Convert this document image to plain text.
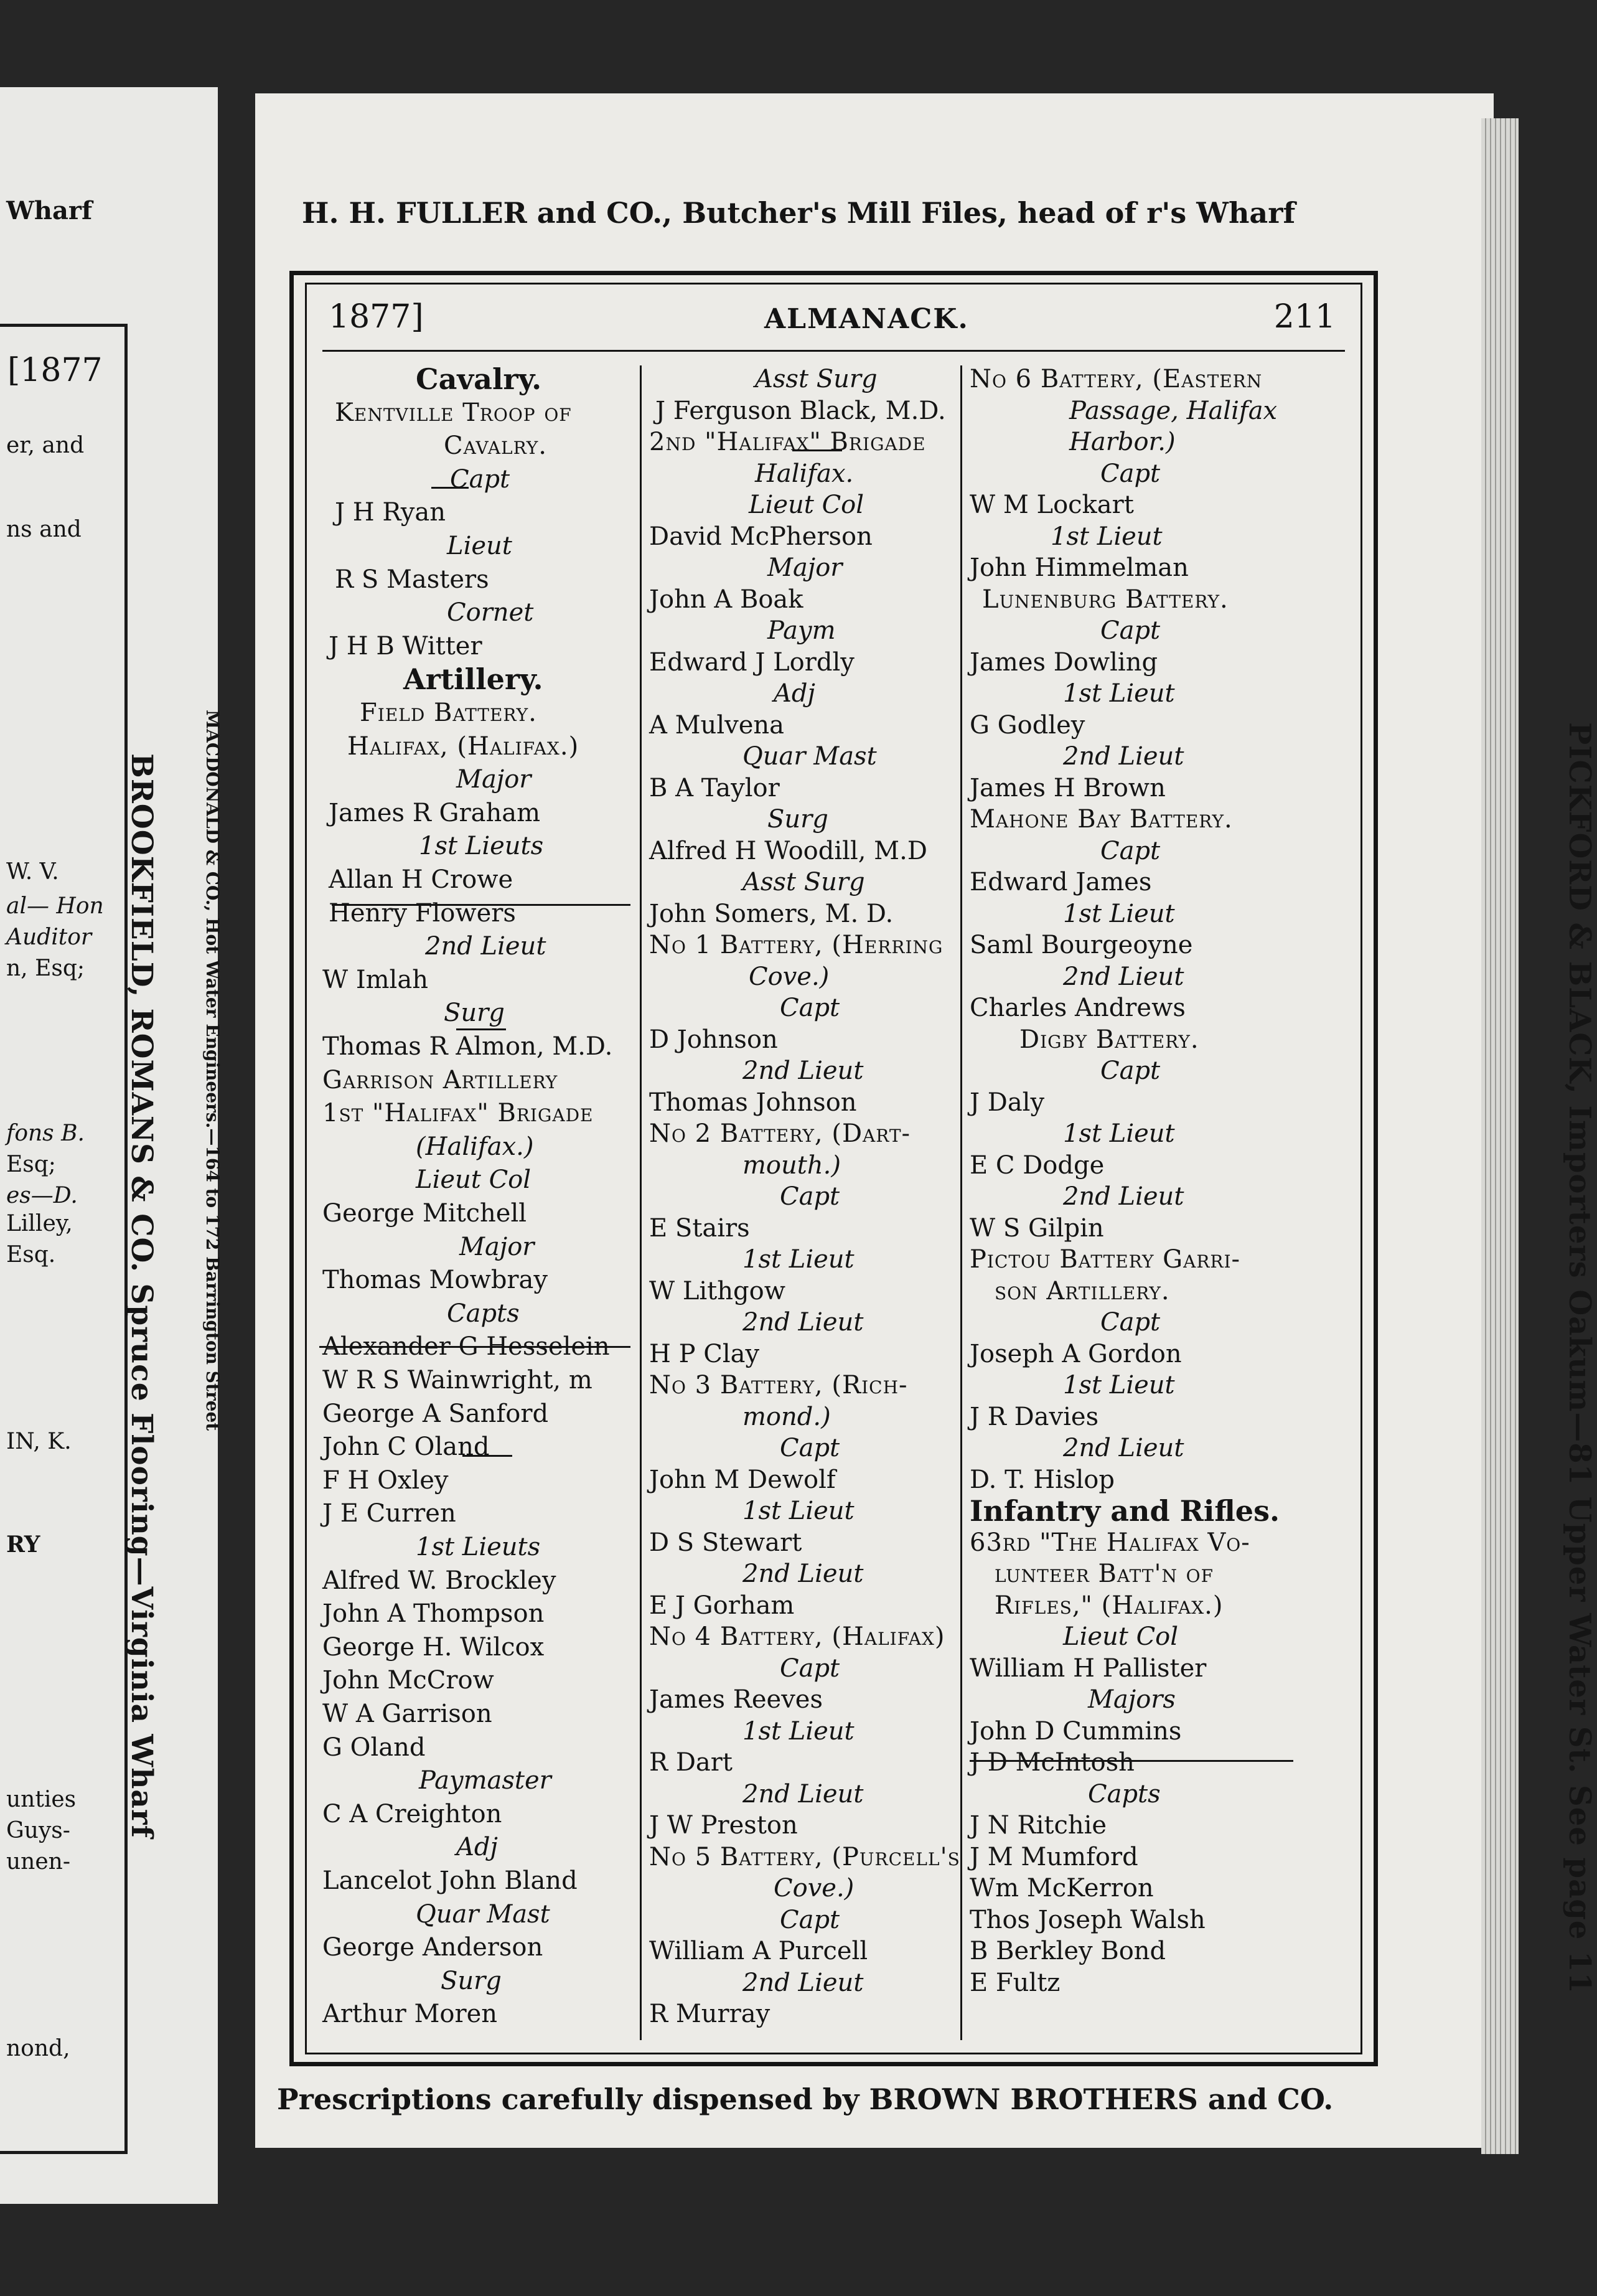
Wharf
[1877
er, and
ns and
W. V.
al— Hon
Auditor
n, Esq;
fons B.
Esq;
es—D.
Lilley,
Esq.
IN, K.
RY
unties
Guys-
unen-
nond,
BROOKFIELD, ROMANS & CO. Spruce Flooring—Virginia Wharf	MACDONALD & CO., Hot Water Engineers.—164 to 172 Barrington Street
H. H. FULLER and CO., Butcher's Mill Files, head of r's Wharf
1877]	ALMANACK.	211
Cavalry.
Kentville Troop of
Cavalry.
Capt
J H Ryan
Lieut
R S Masters
Cornet
J H B Witter
Artillery.
Field Battery.
Halifax, (Halifax.)
Major
James R Graham
1st Lieuts
Allan H Crowe
Henry Flowers
2nd Lieut
W Imlah
Surg
Thomas R Almon, M.D.
Garrison Artillery
1st "Halifax" Brigade
(Halifax.)
Lieut Col
George Mitchell
Major
Thomas Mowbray
Capts
Alexander G Hesselein
W R S Wainwright, m
George A Sanford
John C Oland
F H Oxley
J E Curren
1st Lieuts
Alfred W. Brockley
John A Thompson
George H. Wilcox
John McCrow
W A Garrison
G Oland
Paymaster
C A Creighton
Adj
Lancelot John Bland
Quar Mast
George Anderson
Surg
Arthur Moren
Asst Surg
J Ferguson Black, M.D.
2nd "Halifax" Brigade
Halifax.
Lieut Col
David McPherson
Major
John A Boak
Paym
Edward J Lordly
Adj
A Mulvena
Quar Mast
B A Taylor
Surg
Alfred H Woodill, M.D
Asst Surg
John Somers, M. D.
No 1 Battery, (Herring
Cove.)
Capt
D Johnson
2nd Lieut
Thomas Johnson
No 2 Battery, (Dart-
mouth.)
Capt
E Stairs
1st Lieut
W Lithgow
2nd Lieut
H P Clay
No 3 Battery, (Rich-
mond.)
Capt
John M Dewolf
1st Lieut
D S Stewart
2nd Lieut
E J Gorham
No 4 Battery, (Halifax)
Capt
James Reeves
1st Lieut
R Dart
2nd Lieut
J W Preston
No 5 Battery, (Purcell's
Cove.)
Capt
William A Purcell
2nd Lieut
R Murray
No 6 Battery, (Eastern
Passage, Halifax
Harbor.)
Capt
W M Lockart
1st Lieut
John Himmelman
Lunenburg Battery.
Capt
James Dowling
1st Lieut
G Godley
2nd Lieut
James H Brown
Mahone Bay Battery.
Capt
Edward James
1st Lieut
Saml Bourgeoyne
2nd Lieut
Charles Andrews
Digby Battery.
Capt
J Daly
1st Lieut
E C Dodge
2nd Lieut
W S Gilpin
Pictou Battery Garri-
son Artillery.
Capt
Joseph A Gordon
1st Lieut
J R Davies
2nd Lieut
D. T. Hislop
Infantry and Rifles.
63rd "The Halifax Vo-
lunteer Batt'n of
Rifles," (Halifax.)
Lieut Col
William H Pallister
Majors
John D Cummins
J D McIntosh
Capts
J N Ritchie
J M Mumford
Wm McKerron
Thos Joseph Walsh
B Berkley Bond
E Fultz
Prescriptions carefully dispensed by BROWN BROTHERS and CO.
PICKFORD & BLACK, Importers Oakum—81 Upper Water St. See page 11
